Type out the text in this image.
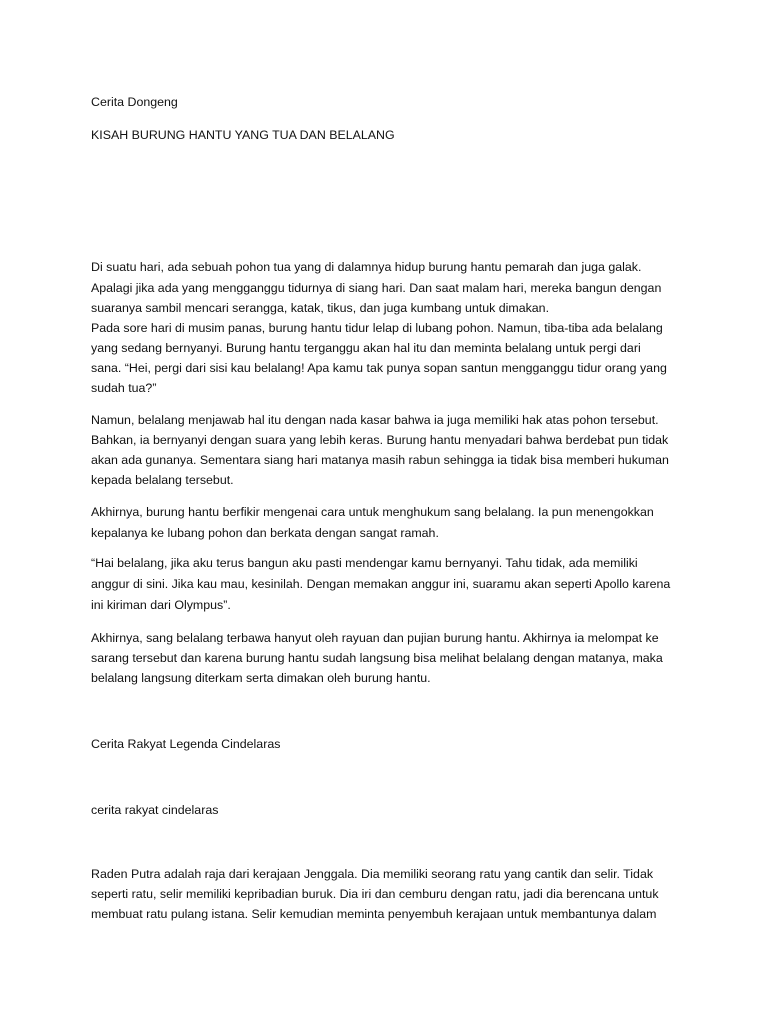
Cerita Dongeng
KISAH BURUNG HANTU YANG TUA DAN BELALANG
Di suatu hari, ada sebuah pohon tua yang di dalamnya hidup burung hantu pemarah dan juga galak.
Apalagi jika ada yang mengganggu tidurnya di siang hari. Dan saat malam hari, mereka bangun dengan
suaranya sambil mencari serangga, katak, tikus, dan juga kumbang untuk dimakan.
Pada sore hari di musim panas, burung hantu tidur lelap di lubang pohon. Namun, tiba-tiba ada belalang
yang sedang bernyanyi. Burung hantu terganggu akan hal itu dan meminta belalang untuk pergi dari
sana. “Hei, pergi dari sisi kau belalang! Apa kamu tak punya sopan santun mengganggu tidur orang yang
sudah tua?”
Namun, belalang menjawab hal itu dengan nada kasar bahwa ia juga memiliki hak atas pohon tersebut.
Bahkan, ia bernyanyi dengan suara yang lebih keras. Burung hantu menyadari bahwa berdebat pun tidak
akan ada gunanya. Sementara siang hari matanya masih rabun sehingga ia tidak bisa memberi hukuman
kepada belalang tersebut.
Akhirnya, burung hantu berfikir mengenai cara untuk menghukum sang belalang. Ia pun menengokkan
kepalanya ke lubang pohon dan berkata dengan sangat ramah.
“Hai belalang, jika aku terus bangun aku pasti mendengar kamu bernyanyi. Tahu tidak, ada memiliki
anggur di sini. Jika kau mau, kesinilah. Dengan memakan anggur ini, suaramu akan seperti Apollo karena
ini kiriman dari Olympus”.
Akhirnya, sang belalang terbawa hanyut oleh rayuan dan pujian burung hantu. Akhirnya ia melompat ke
sarang tersebut dan karena burung hantu sudah langsung bisa melihat belalang dengan matanya, maka
belalang langsung diterkam serta dimakan oleh burung hantu.
Cerita Rakyat Legenda Cindelaras
cerita rakyat cindelaras
Raden Putra adalah raja dari kerajaan Jenggala. Dia memiliki seorang ratu yang cantik dan selir. Tidak
seperti ratu, selir memiliki kepribadian buruk. Dia iri dan cemburu dengan ratu, jadi dia berencana untuk
membuat ratu pulang istana. Selir kemudian meminta penyembuh kerajaan untuk membantunya dalam
